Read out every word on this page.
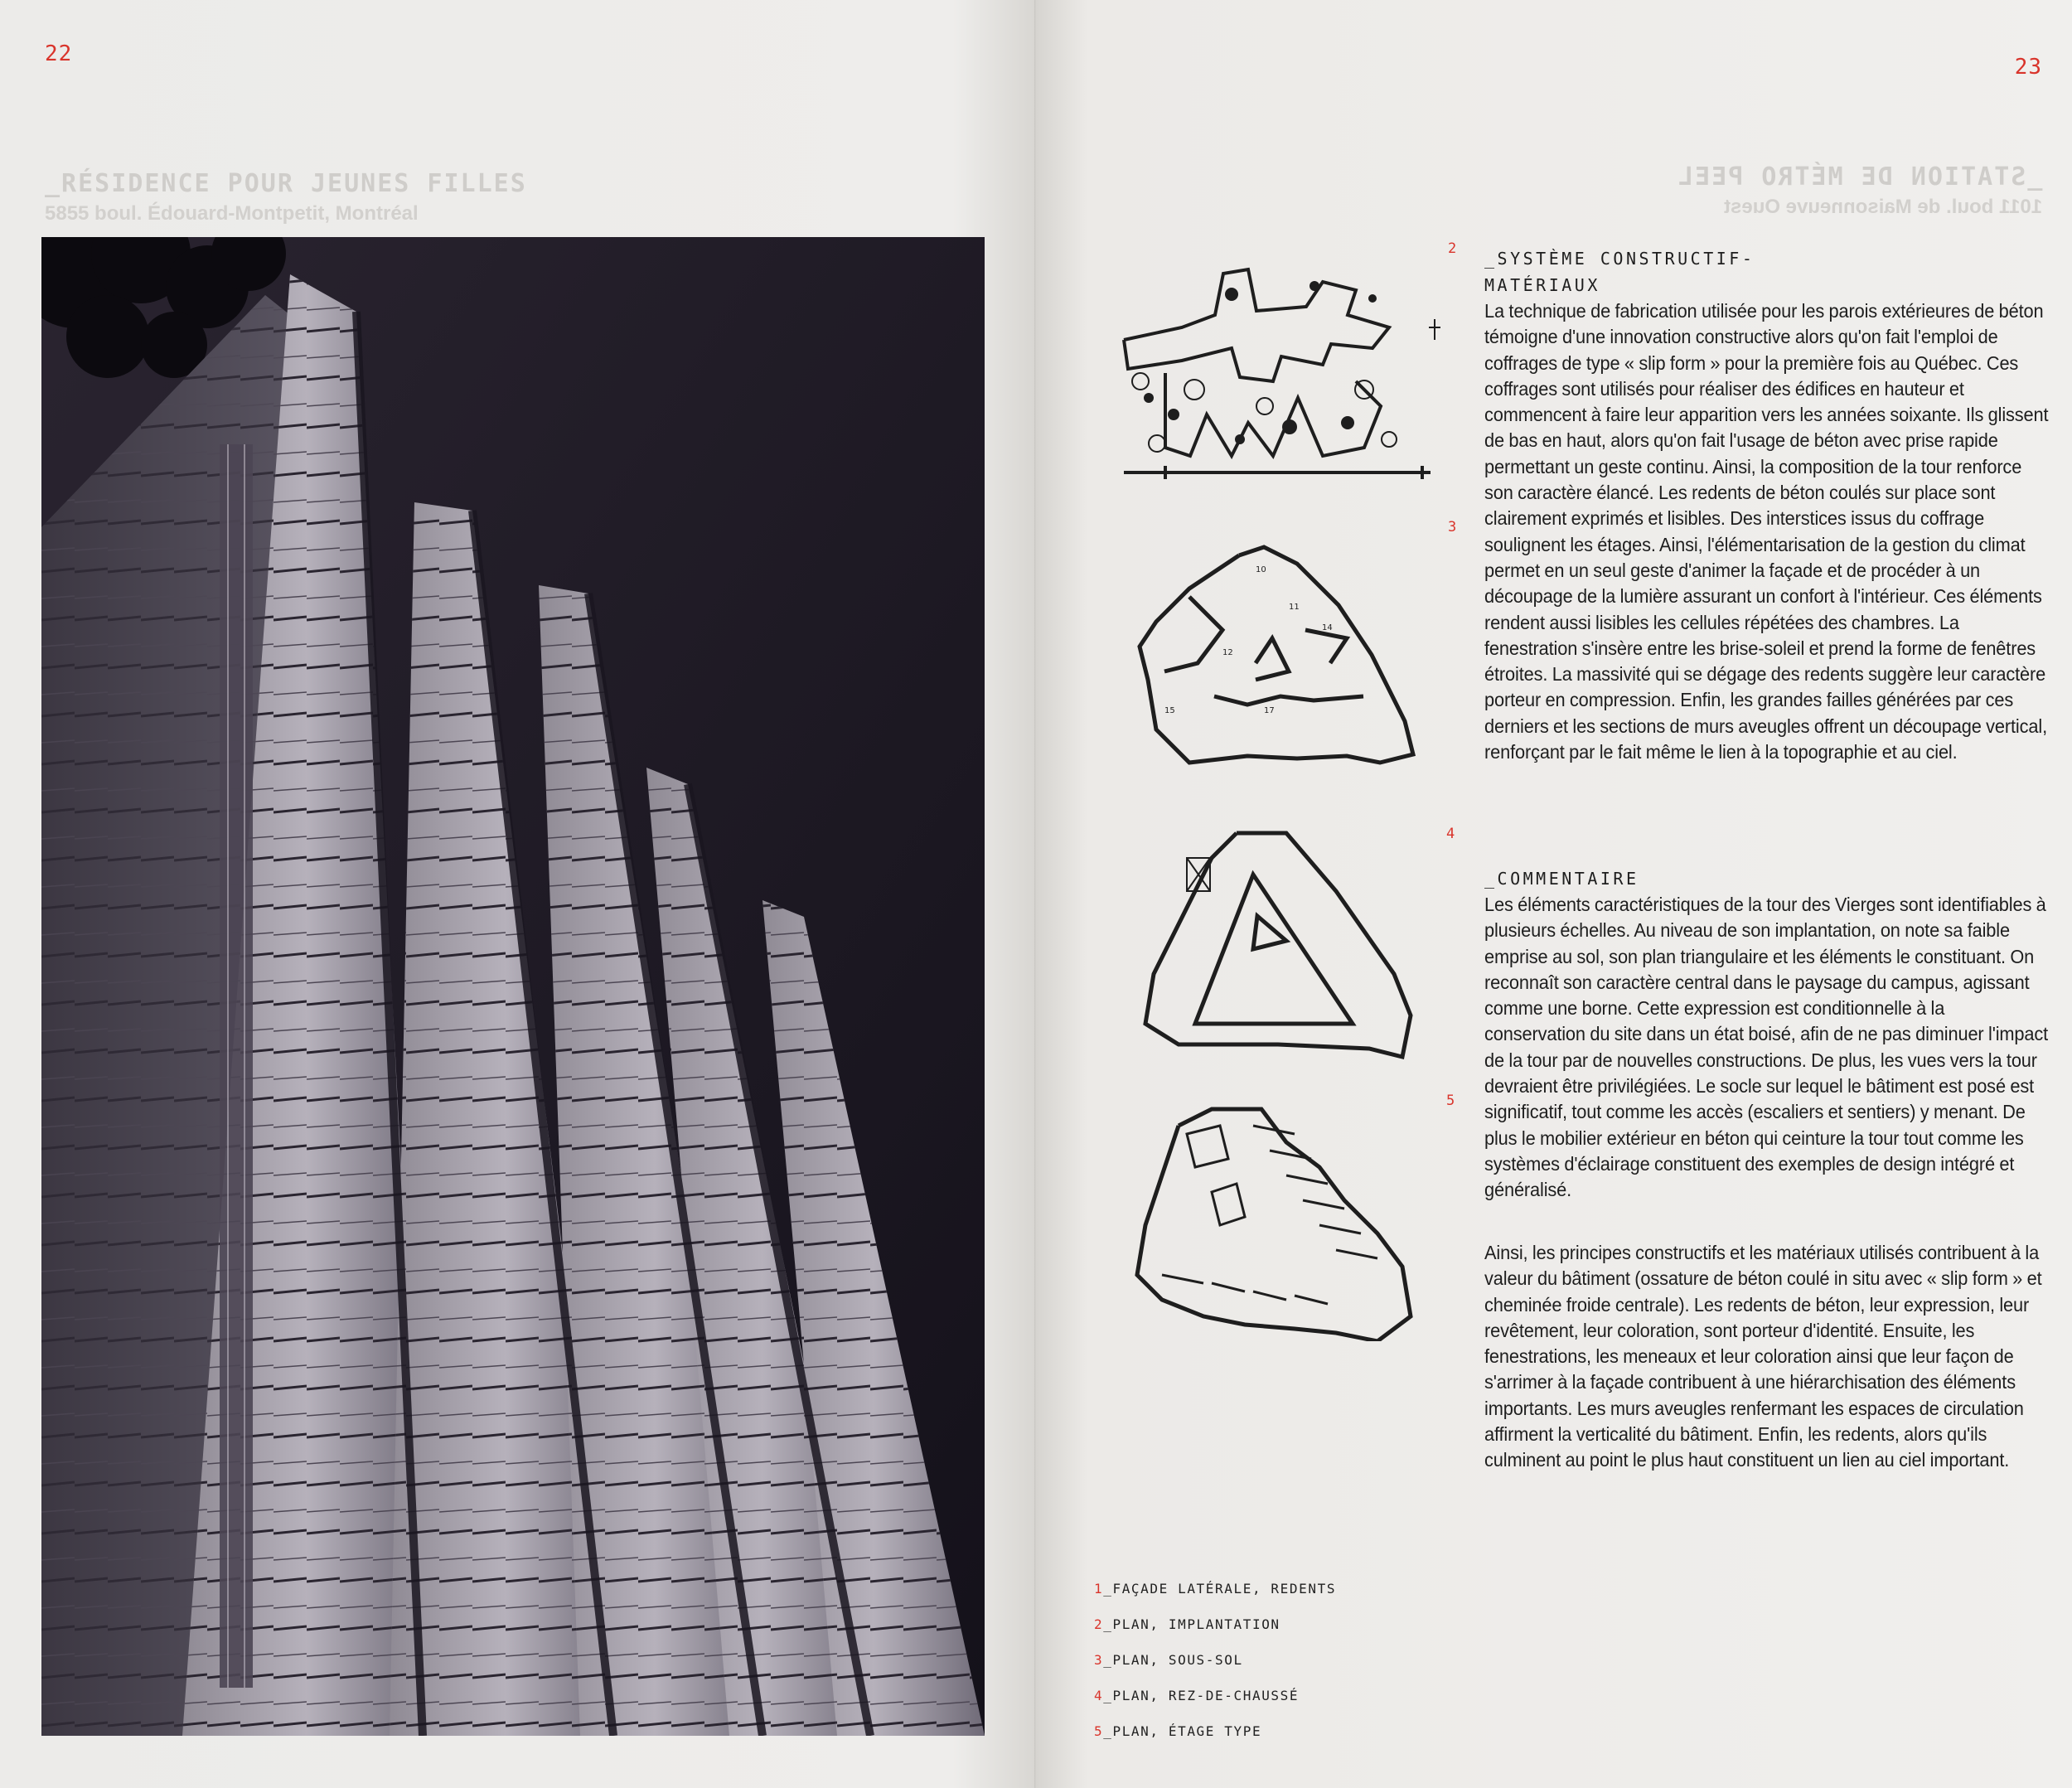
22
_RÉSIDENCE POUR JEUNES FILLES
5855 boul. Édouard-Montpetit, Montréal
23
_STATION DE MÉTRO PEEL
1011 boul. de Maisonneuve Ouest
2
3
4
5
10
11
14
12
15	17

_SYSTÈME CONSTRUCTIF-

MATÉRIAUX

La technique de fabrication utilisée pour les parois extérieures de béton témoigne d'une innovation constructive alors qu'on fait l'emploi de coffrages de type « slip form » pour la première fois au Québec. Ces coffrages sont utilisés pour réaliser des édifices en hauteur et commencent à faire leur apparition vers les années soixante. Ils glissent de bas en haut, alors qu'on fait l'usage de béton avec prise rapide permettant un geste continu. Ainsi, la composition de la tour renforce son caractère élancé. Les redents de béton coulés sur place sont clairement exprimés et lisibles. Des interstices issus du coffrage soulignent les étages. Ainsi, l'élémentarisation de la gestion du climat permet en un seul geste d'animer la façade et de procéder à un découpage de la lumière assurant un confort à l'intérieur. Ces éléments rendent aussi lisibles les cellules répétées des chambres. La fenestration s'insère entre les brise-soleil et prend la forme de fenêtres étroites. La massivité qui se dégage des redents suggère leur caractère porteur en compression. Enfin, les grandes failles générées par ces derniers et les sections de murs aveugles offrent un découpage vertical, renforçant par le fait même le lien à la topographie et au ciel.

_COMMENTAIRE

Les éléments caractéristiques de la tour des Vierges sont identifiables à plusieurs échelles. Au niveau de son implantation, on note sa faible emprise au sol, son plan triangulaire et les éléments le constituant. On reconnaît son caractère central dans le paysage du campus, agissant comme une borne. Cette expression est conditionnelle à la conservation du site dans un état boisé, afin de ne pas diminuer l'impact de la tour par de nouvelles constructions. De plus, les vues vers la tour devraient être privilégiées. Le socle sur lequel le bâtiment est posé est significatif, tout comme les accès (escaliers et sentiers) y menant. De plus le mobilier extérieur en béton qui ceinture la tour tout comme les systèmes d'éclairage constituent des exemples de design intégré et généralisé.

Ainsi, les principes constructifs et les matériaux utilisés contribuent à la valeur du bâtiment (ossature de béton coulé in situ avec « slip form » et cheminée froide centrale). Les redents de béton, leur expression, leur revêtement, leur coloration, sont porteur d'identité. Ensuite, les fenestrations, les meneaux et leur coloration ainsi que leur façon de s'arrimer à la façade contribuent à une hiérarchisation des éléments importants. Les murs aveugles renfermant les espaces de circulation affirment la verticalité du bâtiment. Enfin, les redents, alors qu'ils culminent au point le plus haut constituent un lien au ciel important.

1_FAÇADE LATÉRALE, REDENTS
2_PLAN, IMPLANTATION
3_PLAN, SOUS-SOL
4_PLAN, REZ-DE-CHAUSSÉ
5_PLAN, ÉTAGE TYPE
